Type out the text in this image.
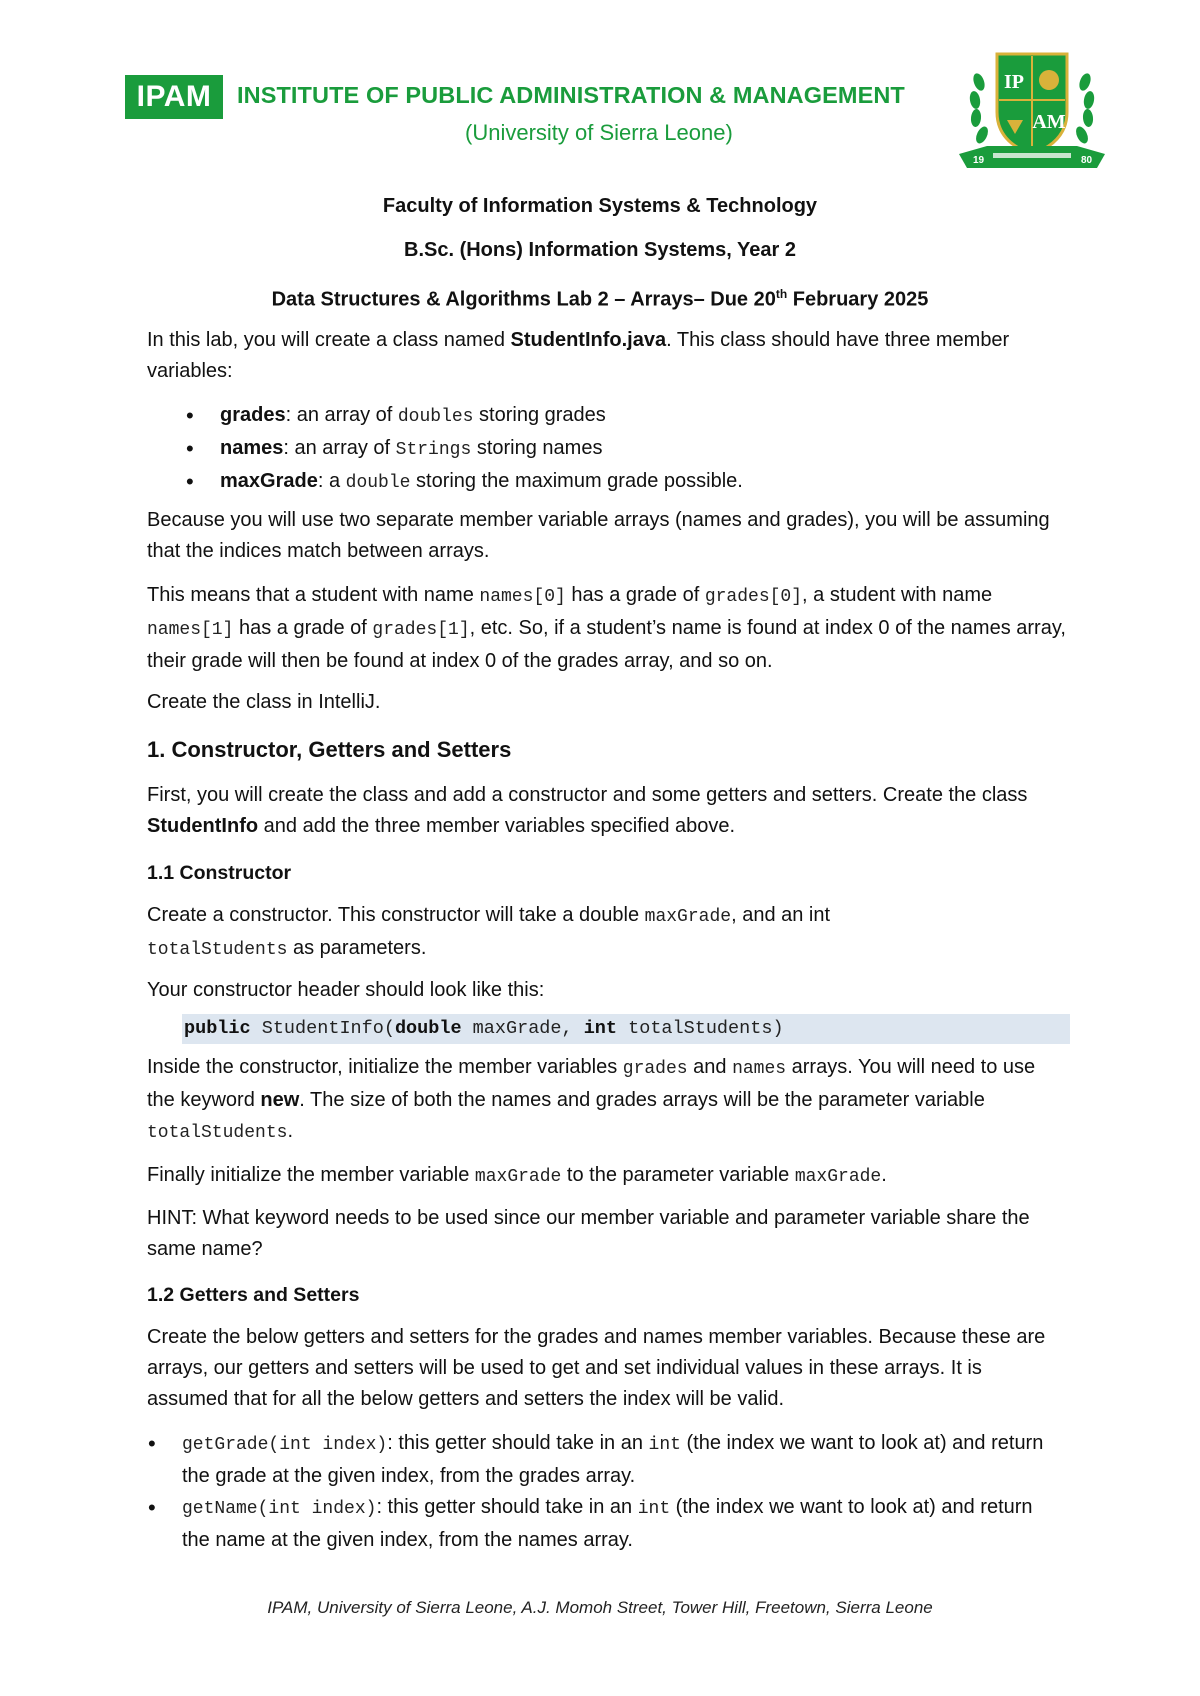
IPAM	INSTITUTE OF PUBLIC ADMINISTRATION & MANAGEMENT
(University of Sierra Leone)
IP
AM
19	80
Faculty of Information Systems & Technology
B.Sc. (Hons) Information Systems, Year 2
Data Structures & Algorithms Lab 2 – Arrays– Due 20th February 2025
In this lab, you will create a class named StudentInfo.java. This class should have three member variables:
• grades: an array of doubles storing grades
• names: an array of Strings storing names
• maxGrade: a double storing the maximum grade possible.
Because you will use two separate member variable arrays (names and grades), you will be assuming that the indices match between arrays.
This means that a student with name names[0] has a grade of grades[0], a student with name names[1] has a grade of grades[1], etc. So, if a student’s name is found at index 0 of the names array, their grade will then be found at index 0 of the grades array, and so on.
Create the class in IntelliJ.
1. Constructor, Getters and Setters
First, you will create the class and add a constructor and some getters and setters. Create the class StudentInfo and add the three member variables specified above.
1.1 Constructor
Create a constructor. This constructor will take a double maxGrade, and an int
totalStudents as parameters.
Your constructor header should look like this:
public StudentInfo(double maxGrade, int totalStudents)
Inside the constructor, initialize the member variables grades and names arrays. You will need to use the keyword new. The size of both the names and grades arrays will be the parameter variable totalStudents.
Finally initialize the member variable maxGrade to the parameter variable maxGrade.
HINT: What keyword needs to be used since our member variable and parameter variable share the same name?
1.2 Getters and Setters
Create the below getters and setters for the grades and names member variables. Because these are arrays, our getters and setters will be used to get and set individual values in these arrays. It is assumed that for all the below getters and setters the index will be valid.
• getGrade(int index): this getter should take in an int (the index we want to look at) and return the grade at the given index, from the grades array.
• getName(int index): this getter should take in an int (the index we want to look at) and return the name at the given index, from the names array.
IPAM, University of Sierra Leone, A.J. Momoh Street, Tower Hill, Freetown, Sierra Leone
